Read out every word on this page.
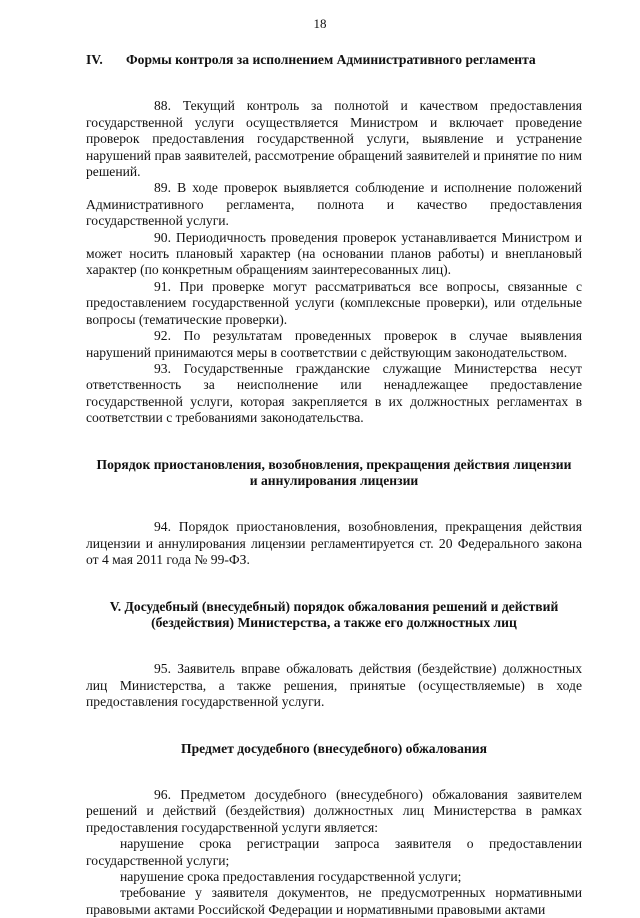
18
IV. Формы контроля за исполнением Административного регламента

88. Текущий контроль за полнотой и качеством предоставления государственной услуги осуществляется Министром и включает проведение проверок предоставления государственной услуги, выявление и устранение нарушений прав заявителей, рассмотрение обращений заявителей и принятие по ним решений.

89. В ходе проверок выявляется соблюдение и исполнение положений Административного регламента, полнота и качество предоставления государственной услуги.

90. Периодичность проведения проверок устанавливается Министром и может носить плановый характер (на основании планов работы) и внеплановый характер (по конкретным обращениям заинтересованных лиц).

91. При проверке могут рассматриваться все вопросы, связанные с предоставлением государственной услуги (комплексные проверки), или отдельные вопросы (тематические проверки).

92. По результатам проведенных проверок в случае выявления нарушений принимаются меры в соответствии с действующим законодательством.

93. Государственные гражданские служащие Министерства несут ответственность за неисполнение или ненадлежащее предоставление государственной услуги, которая закрепляется в их должностных регламентах в соответствии с требованиями законодательства.

Порядок приостановления, возобновления, прекращения действия лицензии
и аннулирования лицензии

94. Порядок приостановления, возобновления, прекращения действия лицензии и аннулирования лицензии регламентируется ст. 20 Федерального закона от 4 мая 2011 года № 99-ФЗ.

V. Досудебный (внесудебный) порядок обжалования решений и действий
(бездействия) Министерства, а также его должностных лиц

95. Заявитель вправе обжаловать действия (бездействие) должностных лиц Министерства, а также решения, принятые (осуществляемые) в ходе предоставления государственной услуги.

Предмет досудебного (внесудебного) обжалования

96. Предметом досудебного (внесудебного) обжалования заявителем решений и действий (бездействия) должностных лиц Министерства в рамках предоставления государственной услуги является:

нарушение срока регистрации запроса заявителя о предоставлении государственной услуги;

нарушение срока предоставления государственной услуги;

требование у заявителя документов, не предусмотренных нормативными правовыми актами Российской Федерации и нормативными правовыми актами
